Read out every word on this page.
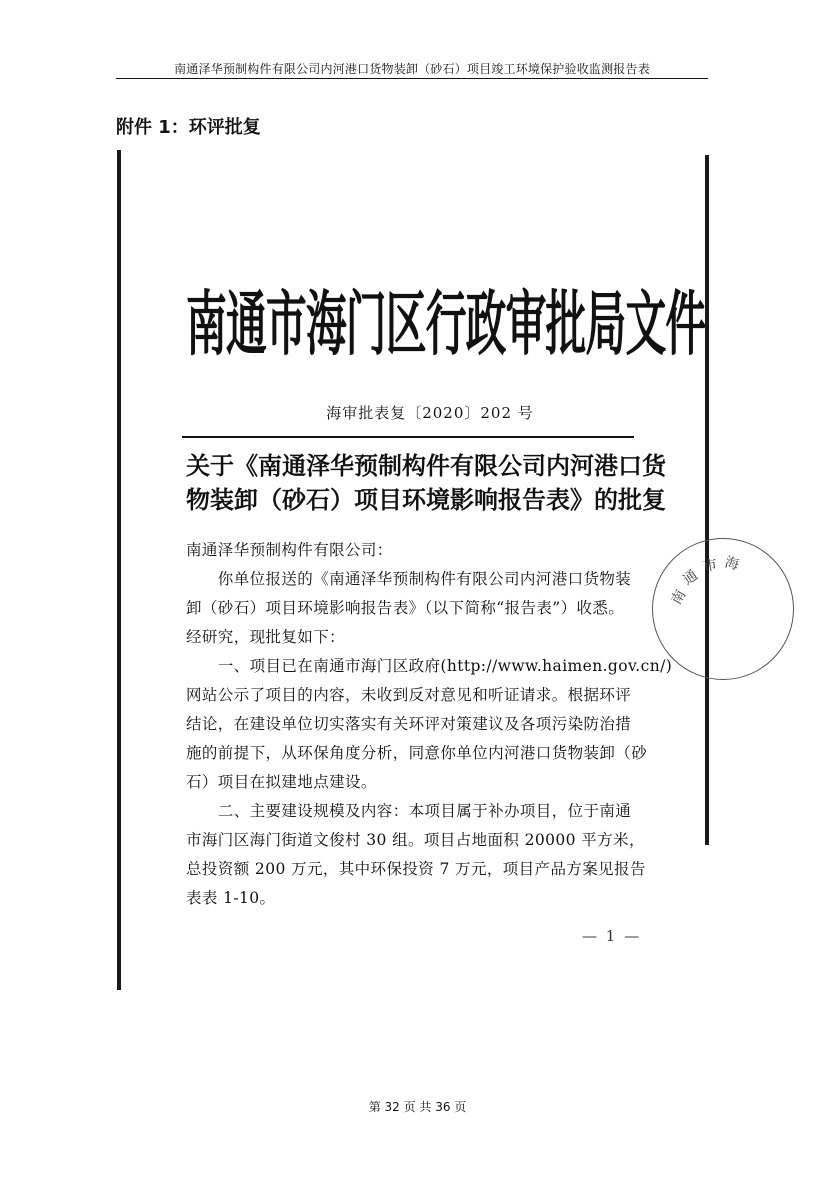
南通泽华预制构件有限公司内河港口货物装卸（砂石）项目竣工环境保护验收监测报告表
附件 1：环评批复
南通市海门区行政审批局文件
海审批表复〔2020〕202 号
关于《南通泽华预制构件有限公司内河港口货
物装卸（砂石）项目环境影响报告表》的批复
南通泽华预制构件有限公司：
　　你单位报送的《南通泽华预制构件有限公司内河港口货物装
卸（砂石）项目环境影响报告表》（以下简称“报告表”）收悉。
经研究，现批复如下：
　　一、项目已在南通市海门区政府(http://www.haimen.gov.cn/)
网站公示了项目的内容，未收到反对意见和听证请求。根据环评
结论，在建设单位切实落实有关环评对策建议及各项污染防治措
施的前提下，从环保角度分析，同意你单位内河港口货物装卸（砂
石）项目在拟建地点建设。
　　二、主要建设规模及内容：本项目属于补办项目，位于南通
市海门区海门街道文俊村 30 组。项目占地面积 20000 平方米，
总投资额 200 万元，其中环保投资 7 万元，项目产品方案见报告
表表 1-10。
南
通
市 海
— 1 —
第 32 页 共 36 页
